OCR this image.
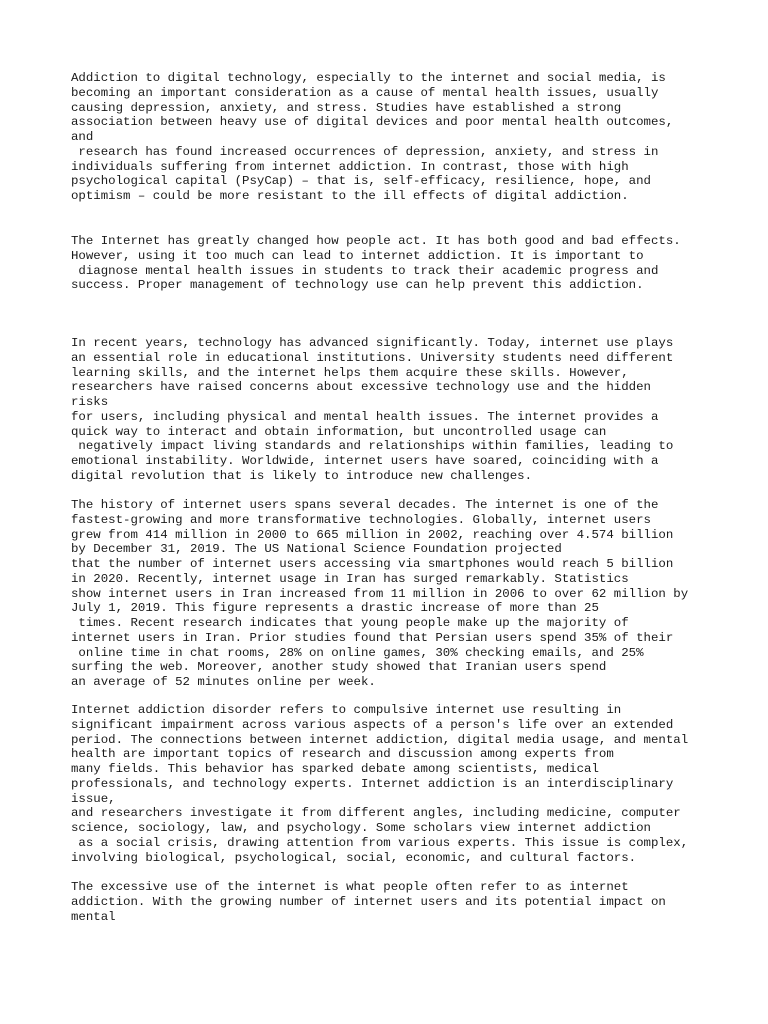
Addiction to digital technology, especially to the internet and social media, is
becoming an important consideration as a cause of mental health issues, usually
causing depression, anxiety, and stress. Studies have established a strong
association between heavy use of digital devices and poor mental health outcomes,
and
research has found increased occurrences of depression, anxiety, and stress in
individuals suffering from internet addiction. In contrast, those with high
psychological capital (PsyCap) – that is, self-efficacy, resilience, hope, and
optimism – could be more resistant to the ill effects of digital addiction.

The Internet has greatly changed how people act. It has both good and bad effects.
However, using it too much can lead to internet addiction. It is important to
diagnose mental health issues in students to track their academic progress and
success. Proper management of technology use can help prevent this addiction.

In recent years, technology has advanced significantly. Today, internet use plays
an essential role in educational institutions. University students need different
learning skills, and the internet helps them acquire these skills. However,
researchers have raised concerns about excessive technology use and the hidden
risks
for users, including physical and mental health issues. The internet provides a
quick way to interact and obtain information, but uncontrolled usage can
negatively impact living standards and relationships within families, leading to
emotional instability. Worldwide, internet users have soared, coinciding with a
digital revolution that is likely to introduce new challenges.

The history of internet users spans several decades. The internet is one of the
fastest-growing and more transformative technologies. Globally, internet users
grew from 414 million in 2000 to 665 million in 2002, reaching over 4.574 billion
by December 31, 2019. The US National Science Foundation projected
that the number of internet users accessing via smartphones would reach 5 billion
in 2020. Recently, internet usage in Iran has surged remarkably. Statistics
show internet users in Iran increased from 11 million in 2006 to over 62 million by
July 1, 2019. This figure represents a drastic increase of more than 25
times. Recent research indicates that young people make up the majority of
internet users in Iran. Prior studies found that Persian users spend 35% of their
online time in chat rooms, 28% on online games, 30% checking emails, and 25%
surfing the web. Moreover, another study showed that Iranian users spend
an average of 52 minutes online per week.

Internet addiction disorder refers to compulsive internet use resulting in
significant impairment across various aspects of a person's life over an extended
period. The connections between internet addiction, digital media usage, and mental
health are important topics of research and discussion among experts from
many fields. This behavior has sparked debate among scientists, medical
professionals, and technology experts. Internet addiction is an interdisciplinary
issue,
and researchers investigate it from different angles, including medicine, computer
science, sociology, law, and psychology. Some scholars view internet addiction
as a social crisis, drawing attention from various experts. This issue is complex,
involving biological, psychological, social, economic, and cultural factors.

The excessive use of the internet is what people often refer to as internet
addiction. With the growing number of internet users and its potential impact on
mental
